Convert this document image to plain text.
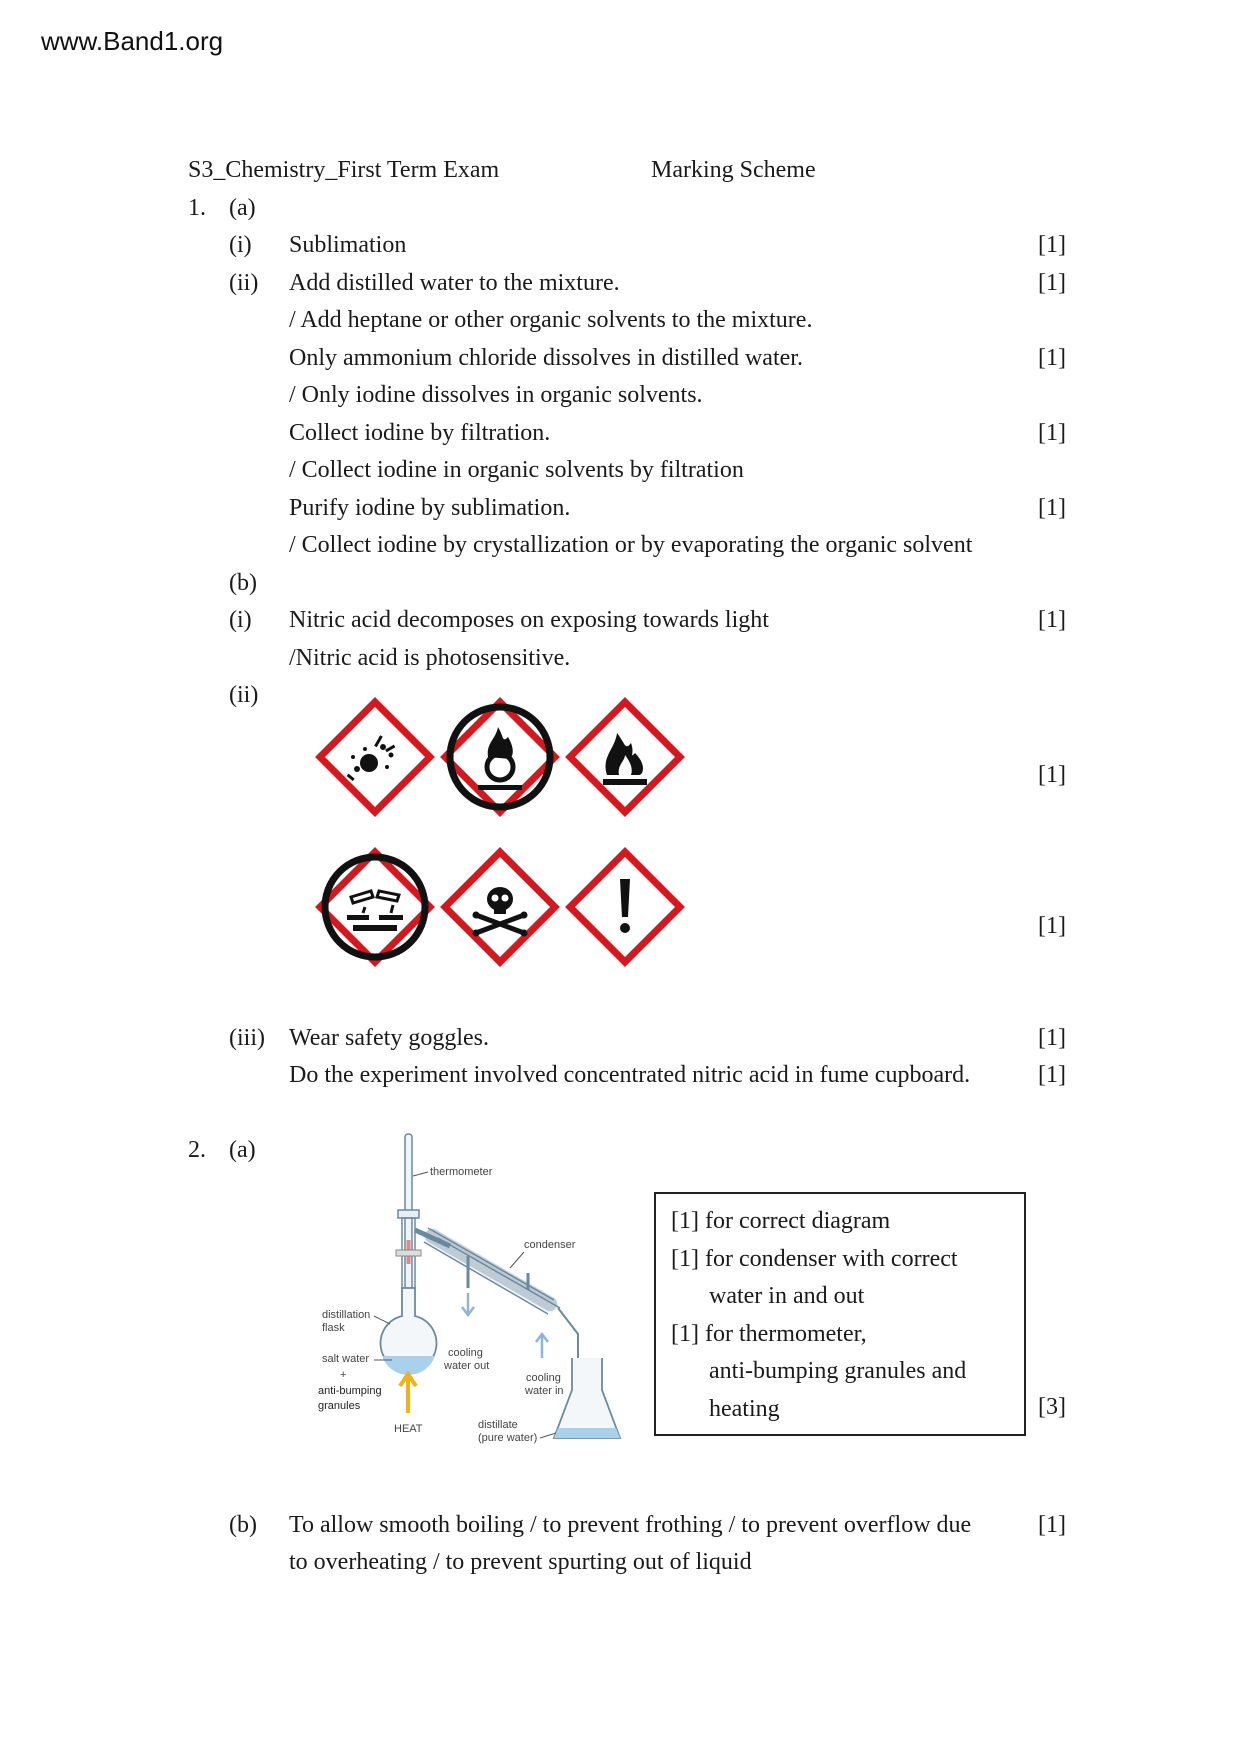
www.Band1.org
S3_Chemistry_First Term Exam	Marking Scheme
1. (a)
(i) Sublimation	[1]
(ii) Add distilled water to the mixture.	[1]
/ Add heptane or other organic solvents to the mixture.
Only ammonium chloride dissolves in distilled water.	[1]
/ Only iodine dissolves in organic solvents.
Collect iodine by filtration.	[1]
/ Collect iodine in organic solvents by filtration
Purify iodine by sublimation.	[1]
/ Collect iodine by crystallization or by evaporating the organic solvent
(b)
(i) Nitric acid decomposes on exposing towards light	[1]
/Nitric acid is photosensitive.
(ii)
[1]
[1]
(iii) Wear safety goggles.	[1]
Do the experiment involved concentrated nitric acid in fume cupboard.	[1]
2. (a)
thermometer
condenser
HEAT
distillation
flask
salt water
+
anti-bumping
granules
cooling
water out
cooling
water in
distillate
(pure water)
[1] for correct diagram
[1] for condenser with correct
water in and out
[1] for thermometer,
anti-bumping granules and
heating	[3]
(b) To allow smooth boiling / to prevent frothing / to prevent overflow due	[1]
to overheating / to prevent spurting out of liquid
